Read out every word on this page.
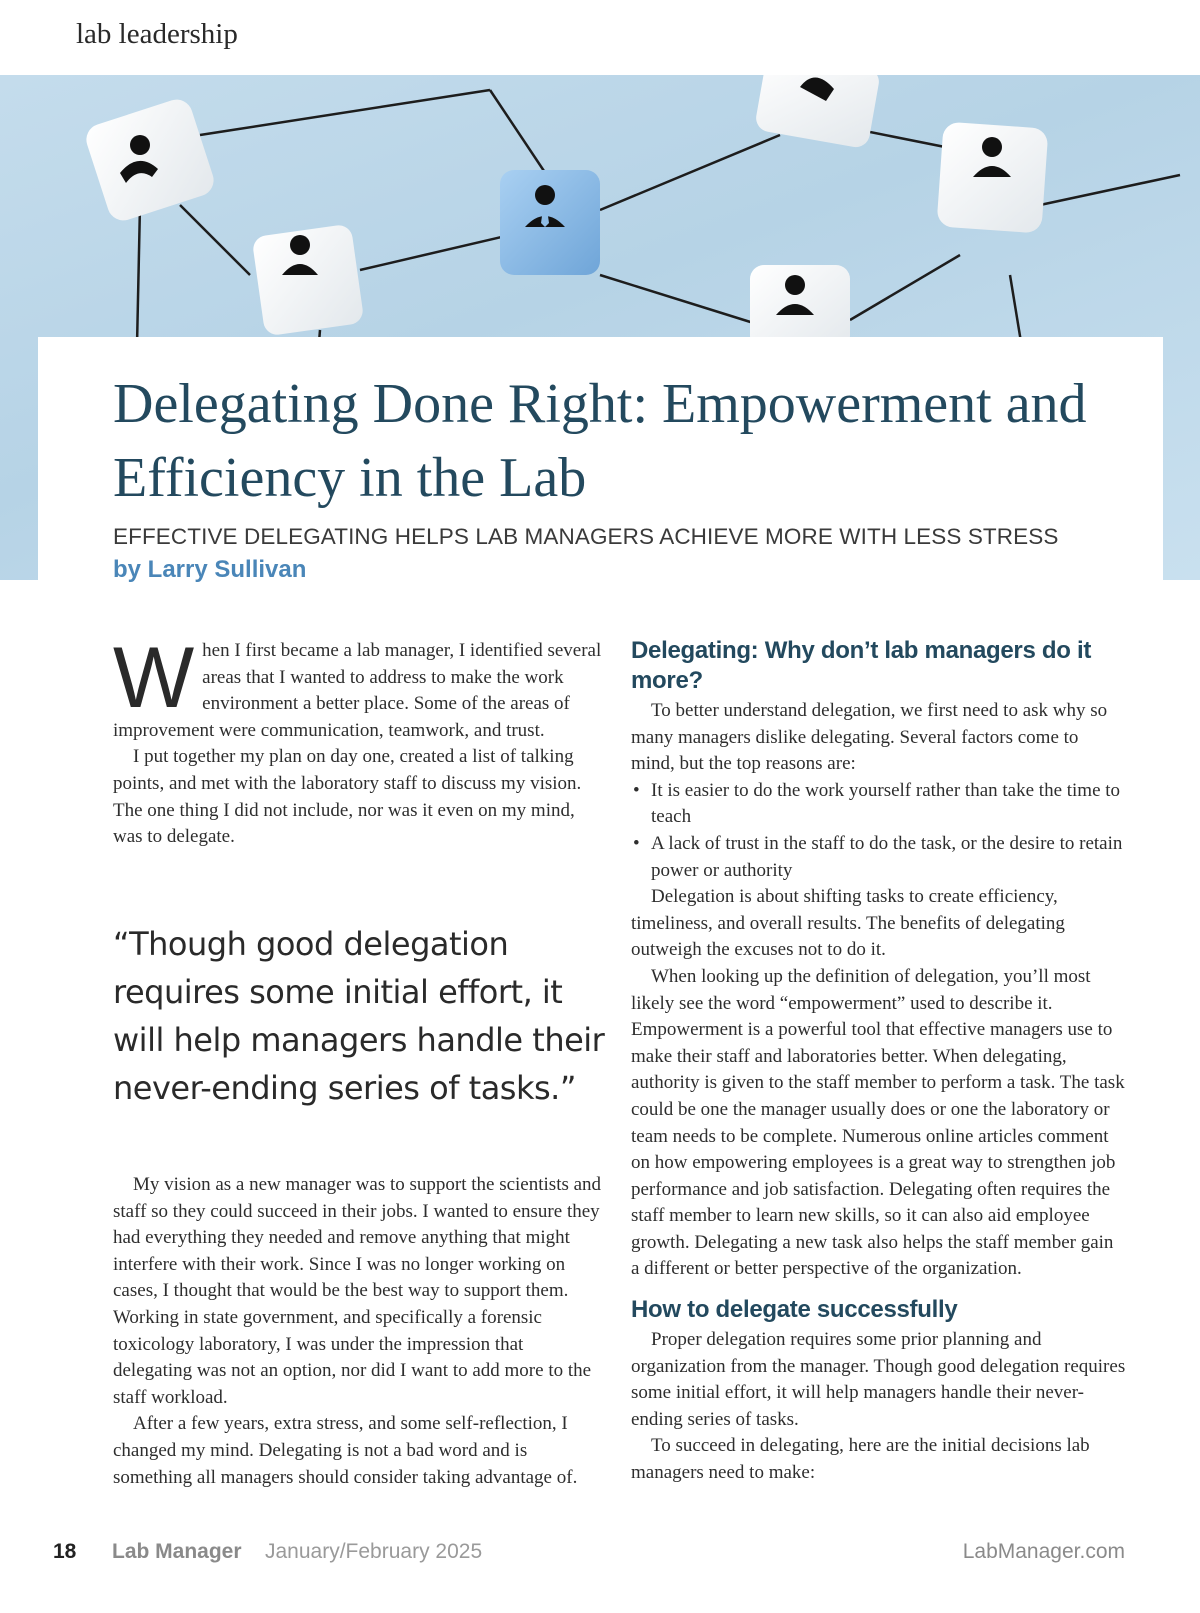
lab leadership
Delegating Done Right: Empowerment and Efficiency in the Lab
EFFECTIVE DELEGATING HELPS LAB MANAGERS ACHIEVE MORE WITH LESS STRESS
by Larry Sullivan

When I first became a lab manager, I identified several areas that I wanted to address to make the work environment a better place. Some of the areas of improvement were communication, teamwork, and trust.

I put together my plan on day one, created a list of talking points, and met with the laboratory staff to discuss my vision. The one thing I did not include, nor was it even on my mind, was to delegate.

“Though good delegation requires some initial effort, it will help managers handle their never-ending series of tasks.”

My vision as a new manager was to support the scientists and staff so they could succeed in their jobs. I wanted to ensure they had everything they needed and remove anything that might interfere with their work. Since I was no longer working on cases, I thought that would be the best way to support them. Working in state government, and specifically a forensic toxicology laboratory, I was under the impression that delegating was not an option, nor did I want to add more to the staff workload.

After a few years, extra stress, and some self-reflection, I changed my mind. Delegating is not a bad word and is something all managers should consider taking advantage of.

Delegating: Why don’t lab managers do it more?

To better understand delegation, we first need to ask why so many managers dislike delegating. Several factors come to mind, but the top reasons are:

• It is easier to do the work yourself rather than take the time to teach
• A lack of trust in the staff to do the task, or the desire to retain power or authority

Delegation is about shifting tasks to create efficiency, timeliness, and overall results. The benefits of delegating outweigh the excuses not to do it.

When looking up the definition of delegation, you’ll most likely see the word “empowerment” used to describe it. Empowerment is a powerful tool that effective managers use to make their staff and laboratories better. When delegating, authority is given to the staff member to perform a task. The task could be one the manager usually does or one the laboratory or team needs to be complete. Numerous online articles comment on how empowering employees is a great way to strengthen job performance and job satisfaction. Delegating often requires the staff member to learn new skills, so it can also aid employee growth. Delegating a new task also helps the staff member gain a different or better perspective of the organization.

How to delegate successfully

Proper delegation requires some prior planning and organization from the manager. Though good delegation requires some initial effort, it will help managers handle their never-ending series of tasks.

To succeed in delegating, here are the initial decisions lab managers need to make:

18 Lab Manager January/February 2025	LabManager.com
